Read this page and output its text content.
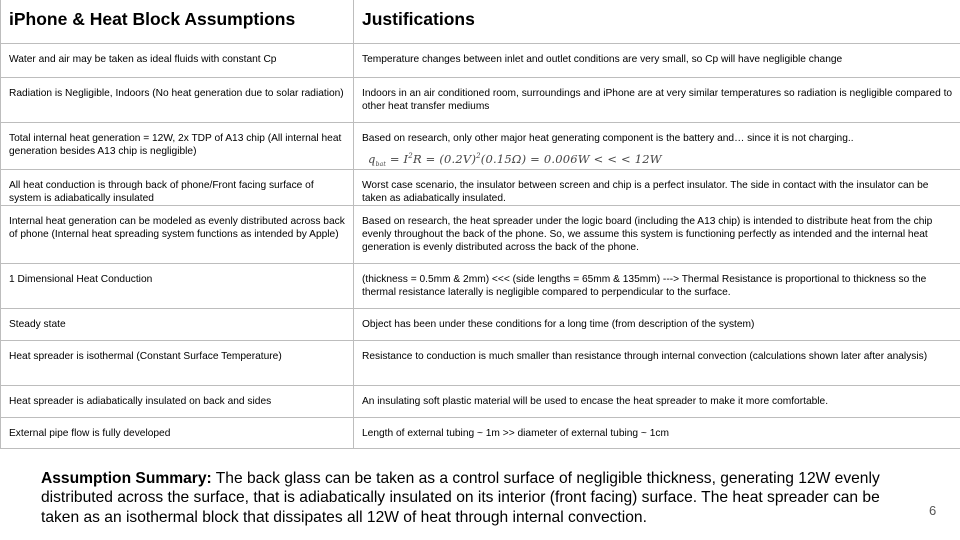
iPhone & Heat Block Assumptions	Justifications
Water and air may be taken as ideal fluids with constant Cp	Temperature changes between inlet and outlet conditions are very small, so Cp will have negligible change
Radiation is Negligible, Indoors (No heat generation due to solar radiation)	Indoors in an air conditioned room, surroundings and iPhone are at very similar temperatures so radiation is negligible compared to other heat transfer mediums
Total internal heat generation = 12W, 2x TDP of A13 chip (All internal heat generation besides A13 chip is negligible)	Based on research, only other major heat generating component is the battery and… since it is not charging..
$q_{bat} = I^2R = (0.2V)^2(0.15\Omega) = 0.006W$ < < < 12W

All heat conduction is through back of phone/Front facing surface of system is adiabatically insulated	Worst case scenario, the insulator between screen and chip is a perfect insulator. The side in contact with the insulator can be taken as adiabatically insulated.
Internal heat generation can be modeled as evenly distributed across back of phone (Internal heat spreading system functions as intended by Apple)	Based on research, the heat spreader under the logic board (including the A13 chip) is intended to distribute heat from the chip evenly throughout the back of the phone. So, we assume this system is functioning perfectly as intended and the internal heat generation is evenly distributed across the back of the phone.
1 Dimensional Heat Conduction	(thickness = 0.5mm & 2mm) <<< (side lengths = 65mm & 135mm) ---> Thermal Resistance is proportional to thickness so the thermal resistance laterally is negligible compared to perpendicular to the surface.
Steady state	Object has been under these conditions for a long time (from description of the system)
Heat spreader is isothermal (Constant Surface Temperature)	Resistance to conduction is much smaller than resistance through internal convection (calculations shown later after analysis)
Heat spreader is adiabatically insulated on back and sides	An insulating soft plastic material will be used to encase the heat spreader to make it more comfortable.
External pipe flow is fully developed	Length of external tubing ~ 1m >> diameter of external tubing ~ 1cm
Assumption Summary: The back glass can be taken as a control surface of negligible thickness, generating 12W evenly distributed across the surface, that is adiabatically insulated on its interior (front facing) surface. The heat spreader can be taken as an isothermal block that dissipates all 12W of heat through internal convection.	6
